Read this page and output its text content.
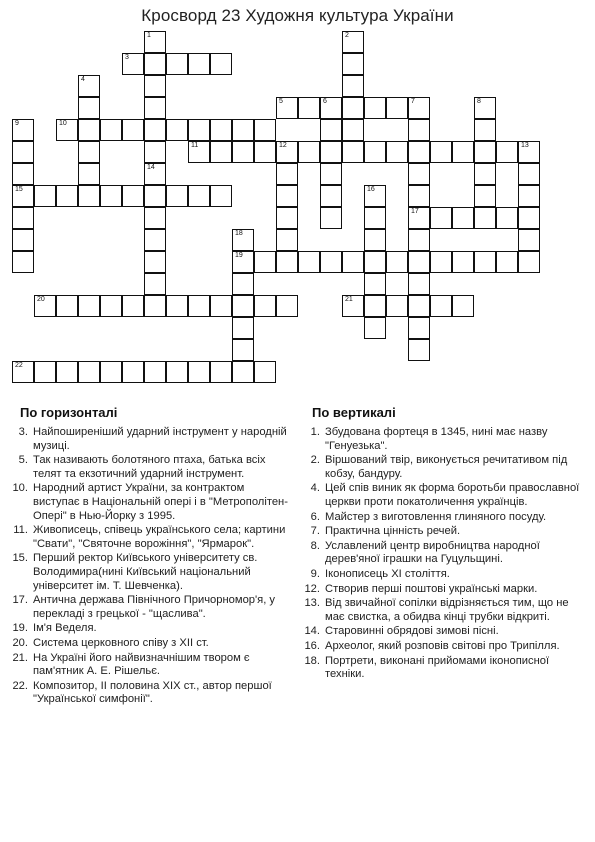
Кросворд 23 Художня культура України
3
5	6	7
10
11	12	13
15
17
19
20	21
22
1
14
2
4
8
9
16
18
По горизонталі
3. Найпоширеніший ударний інструмент у народній музиці.
5. Так називають болотяного птаха, батька всіх телят та екзотичний ударний інструмент.
10. Народний артист України, за контрактом виступає в Національній опері і в "Метрополітен-Опері" в Нью-Йорку з 1995.
11. Живописець, співець українського села; картини "Свати", "Святочне ворожіння", "Ярмарок".
15. Перший ректор Київського університету св. Володимира(нині Київський національний університет ім. Т. Шевченка).
17. Антична держава Північного Причорномор'я, у перекладі з грецької - "щаслива".
19. Ім'я Веделя.
20. Система церковного співу з XII ст.
21. На Україні його найвизначнішим твором є пам'ятник А. Е. Рішельє.
22. Композитор, II половина XIX ст., автор першої "Української симфонії".
По вертикалі
1. Збудована фортеця в 1345, нині має назву "Генуезька".
2. Віршований твір, виконується речитативом під кобзу, бандуру.
4. Цей спів виник як форма боротьби православної церкви проти покатоличення українців.
6. Майстер з виготовлення глиняного посуду.
7. Практична цінність речей.
8. Уславлений центр виробництва народної дерев'яної іграшки на Гуцульщині.
9. Іконописець XI століття.
12. Створив перші поштові українські марки.
13. Від звичайної сопілки відрізняється тим, що не має свистка, а обидва кінці трубки відкриті.
14. Старовинні обрядові зимові пісні.
16. Археолог, який розповів світові про Трипілля.
18. Портрети, виконані прийомами іконописної техніки.
